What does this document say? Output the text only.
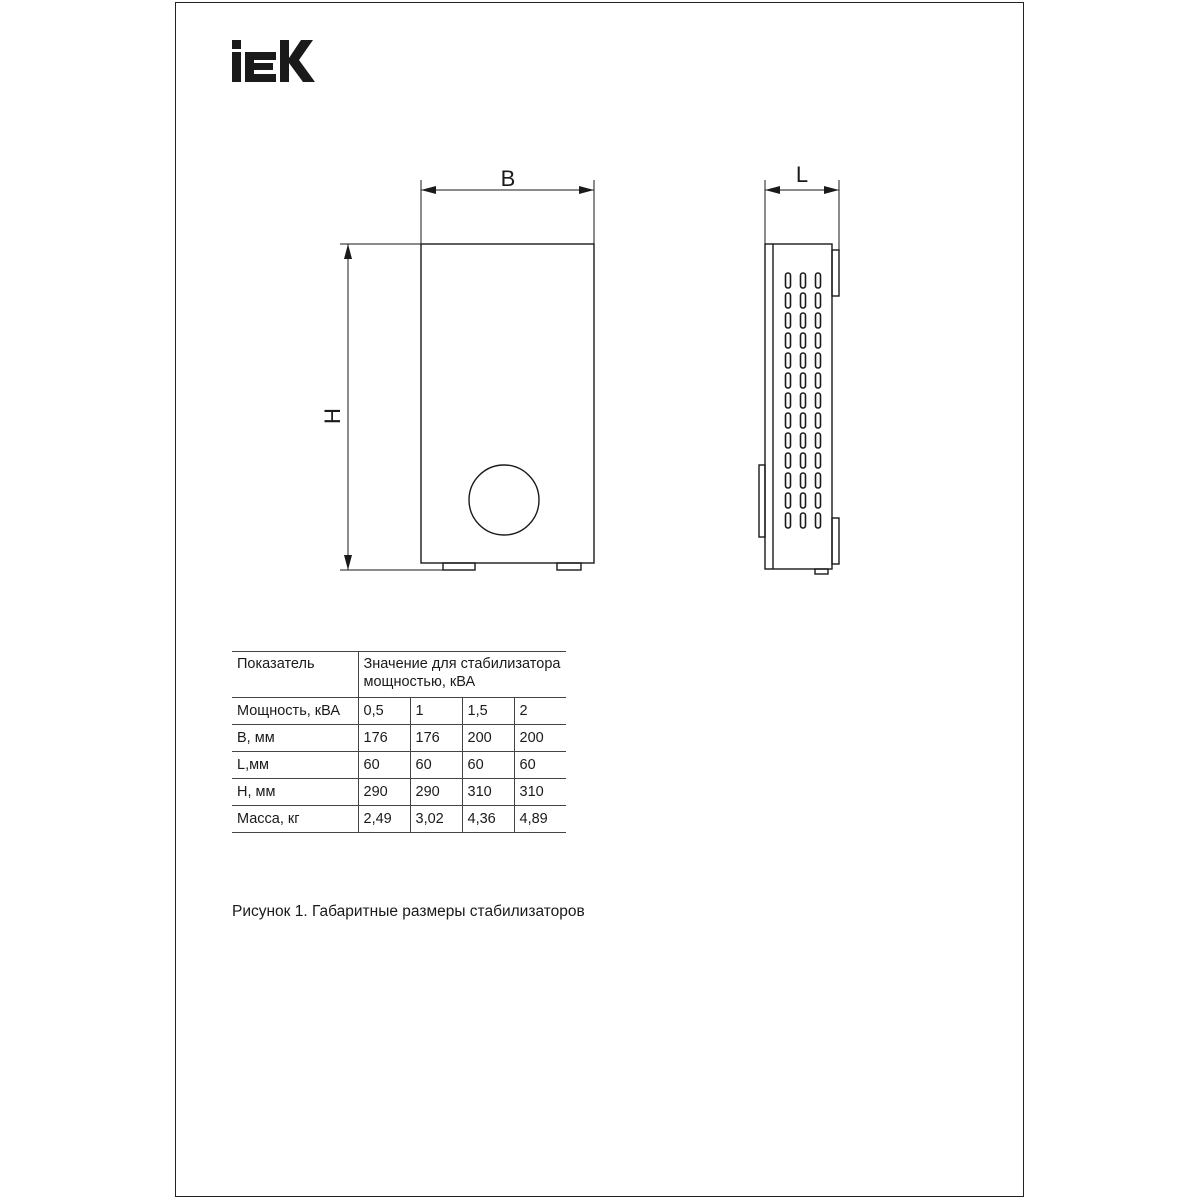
B
H
L
Показатель	Значение для стабилизатора
мощностью, кВА			

Мощность, кВА	0,5	1	1,5	2
В, мм	176	176	200	200
L,мм	60	60	60	60
Н, мм	290	290	310	310
Масса, кг	2,49	3,02	4,36	4,89
Рисунок 1. Габаритные размеры стабилизаторов
